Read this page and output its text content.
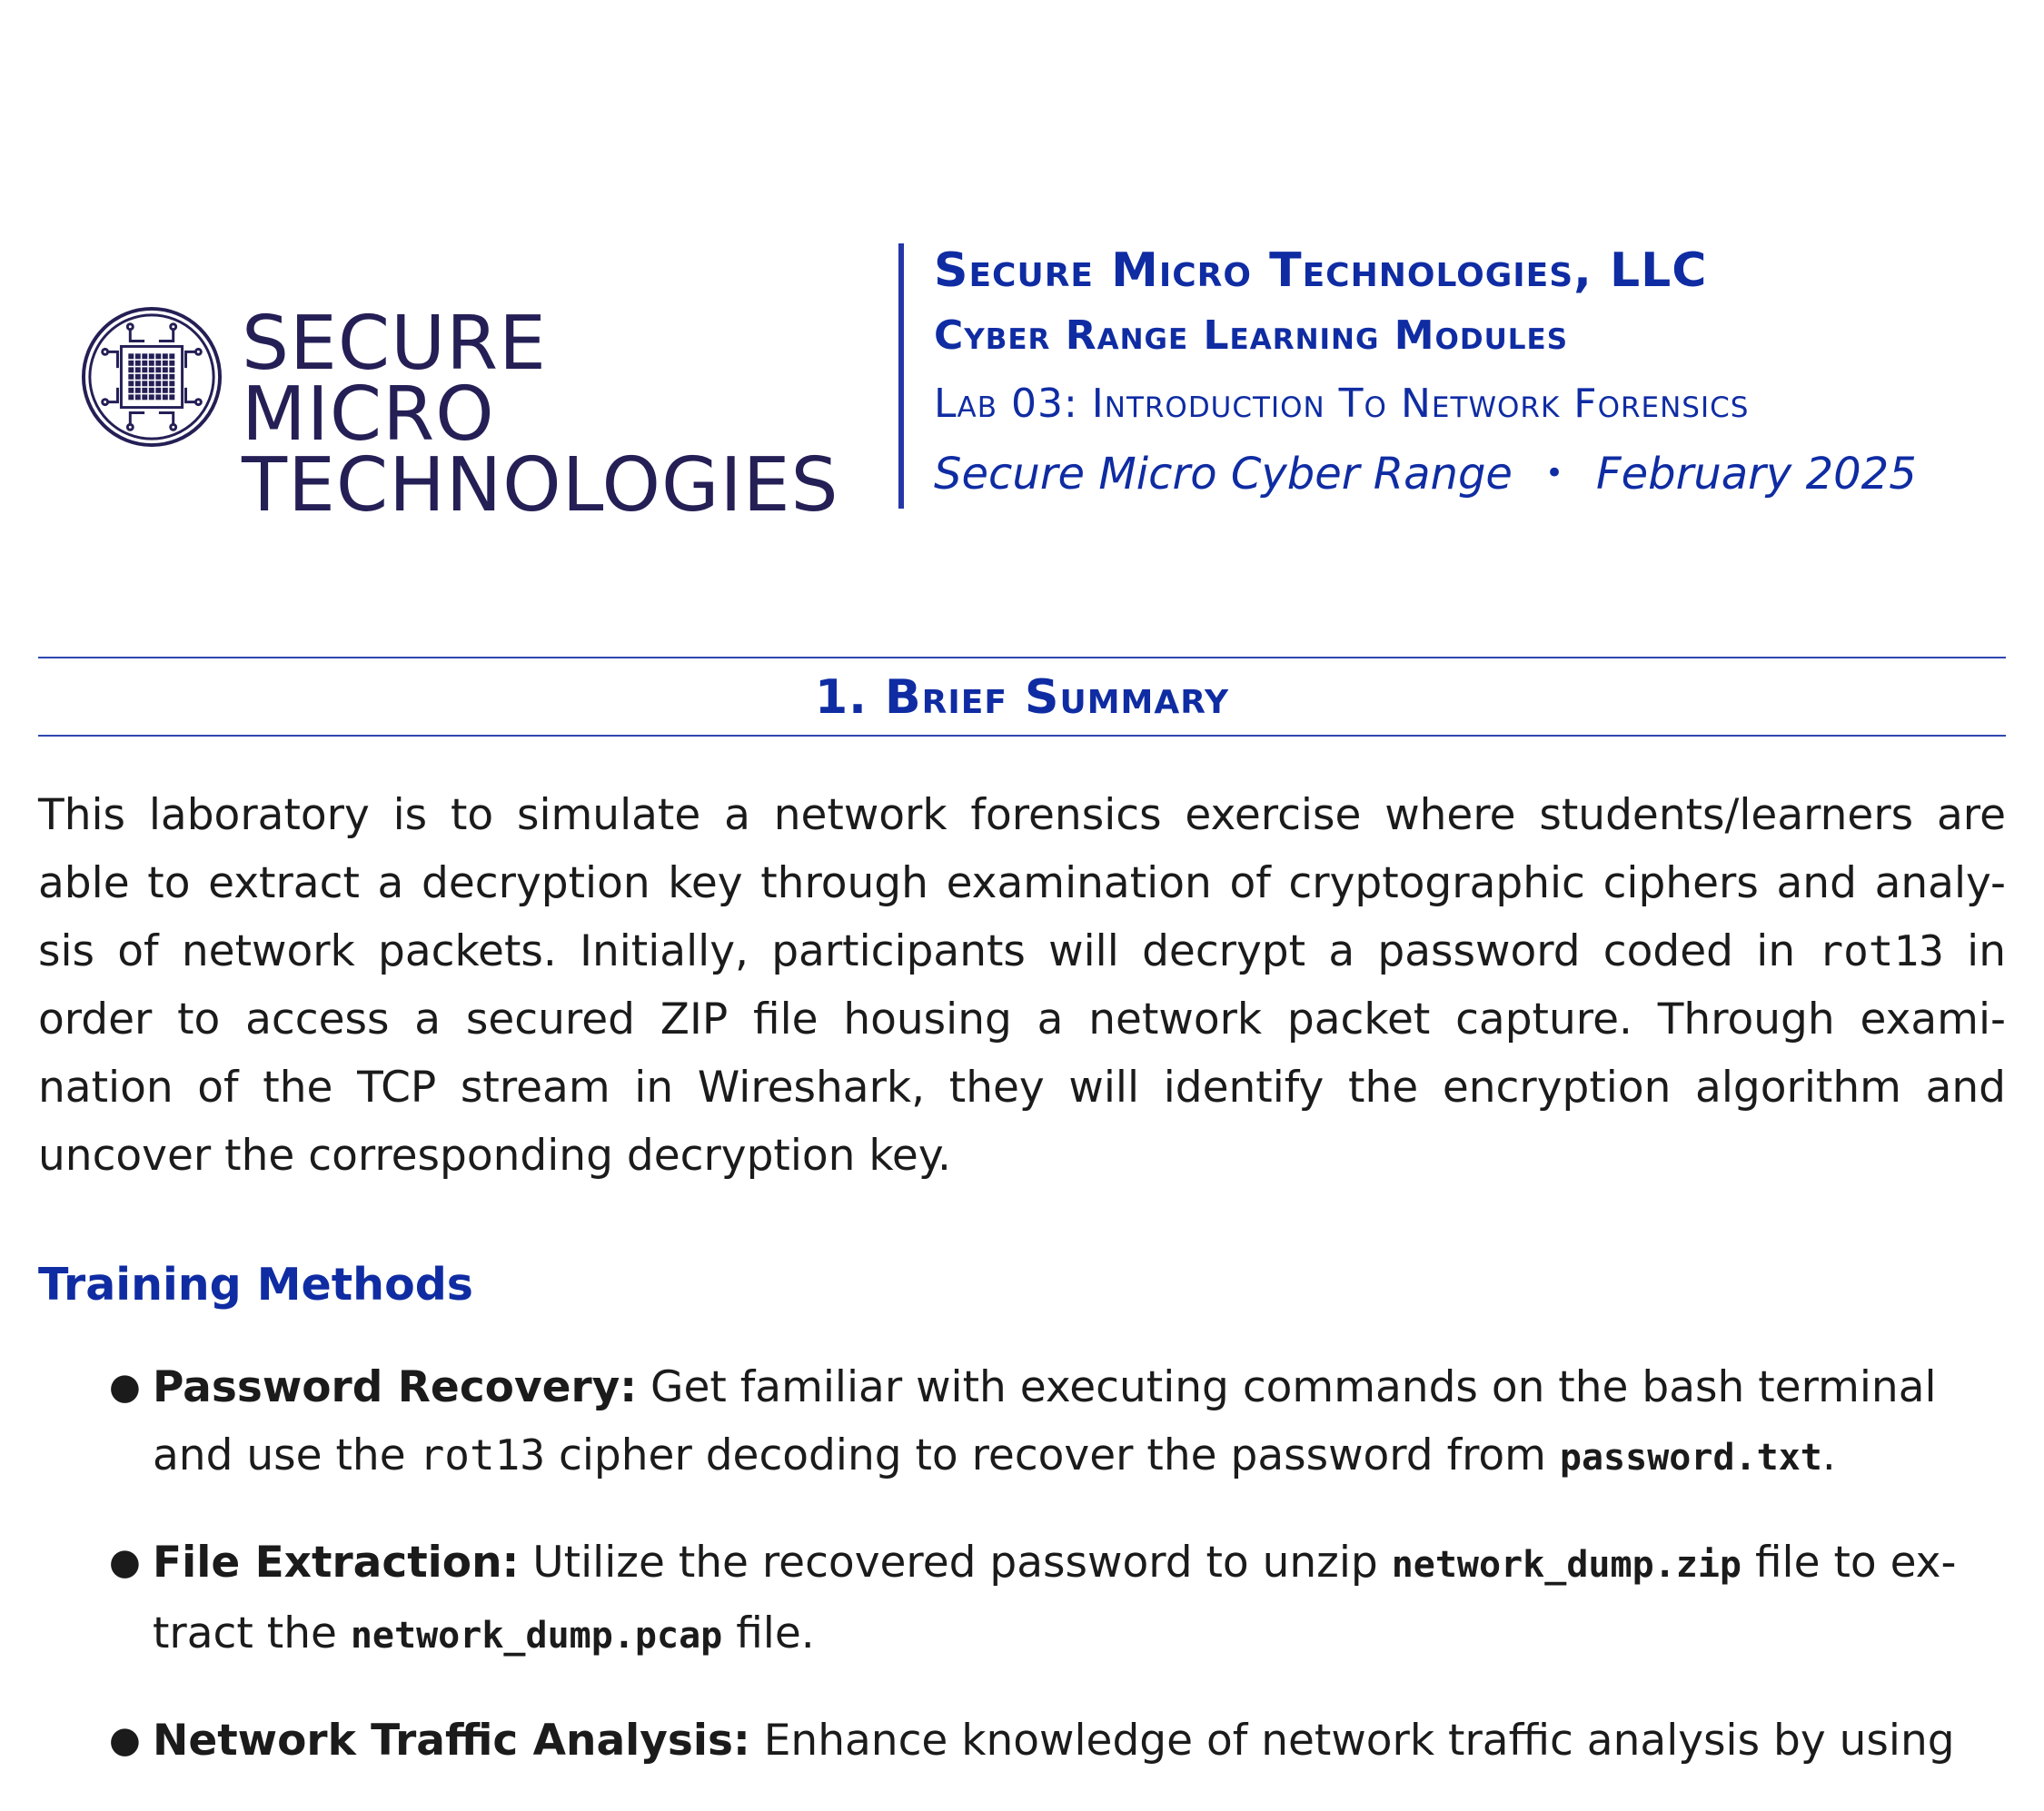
SECURE MICRO
TECHNOLOGIES
Secure Micro Technologies, LLC
Cyber Range Learning Modules
Lab 03: Introduction To Network Forensics
Secure Micro Cyber Range • February 2025
1. Brief Summary
This laboratory is to simulate a network forensics exercise where students/learners are
able to extract a decryption key through examination of cryptographic ciphers and analy-
sis of network packets. Initially, participants will decrypt a password coded in rot13 in
order to access a secured ZIP file housing a network packet capture. Through exami-
nation of the TCP stream in Wireshark, they will identify the encryption algorithm and
uncover the corresponding decryption key.
Training Methods
● Password Recovery: Get familiar with executing commands on the bash terminal
and use the rot13 cipher decoding to recover the password from password.txt.
● File Extraction: Utilize the recovered password to unzip network_dump.zip file to ex-
tract the network_dump.pcap file.
● Network Traffic Analysis: Enhance knowledge of network traffic analysis by using
